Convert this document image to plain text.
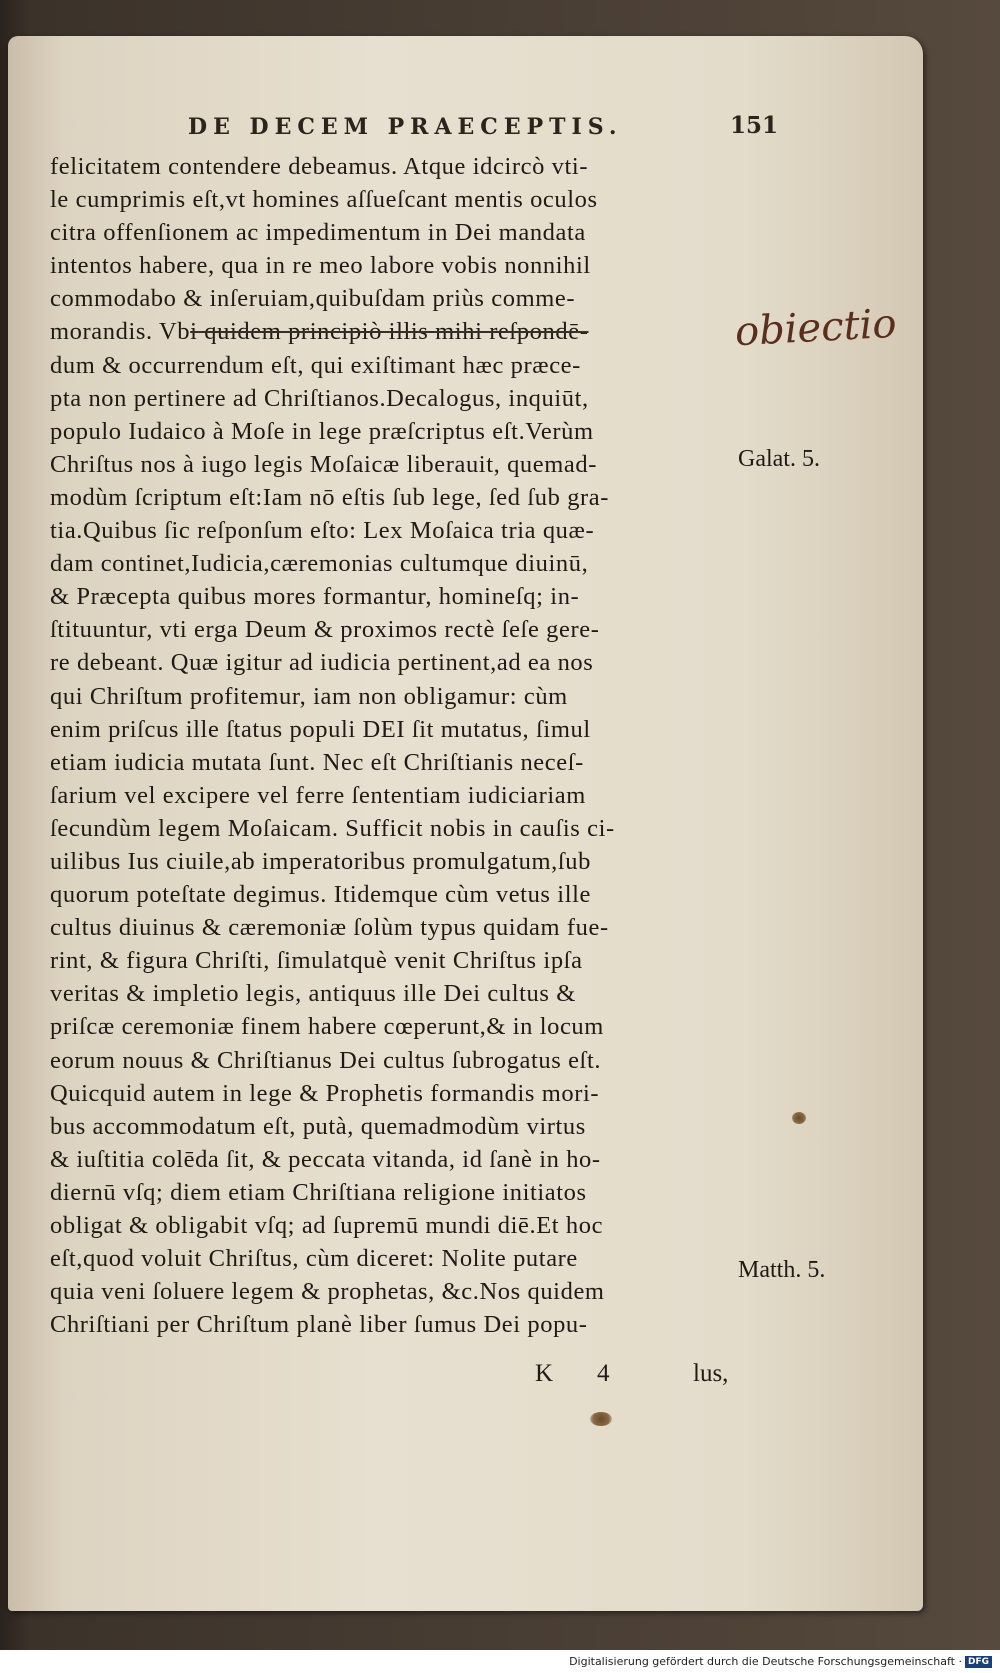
DE DECEM PRAECEPTIS.	151
felicitatem contendere debeamus. Atque idcircò vti-
le cumprimis eſt,vt homines aſſueſcant mentis oculos
citra offenſionem ac impedimentum in Dei mandata
intentos habere, qua in re meo labore vobis nonnihil
commodabo & inſeruiam,quibuſdam priùs comme-
morandis. Vbi quidem principiò illis mihi reſpondē-
dum & occurrendum eſt, qui exiſtimant hæc præce-
pta non pertinere ad Chriſtianos.Decalogus, inquiūt,
populo Iudaico à Moſe in lege præſcriptus eſt.Verùm
Chriſtus nos à iugo legis Moſaicæ liberauit, quemad-
modùm ſcriptum eſt:Iam nō eſtis ſub lege, ſed ſub gra-
tia.Quibus ſic reſponſum eſto: Lex Moſaica tria quæ-
dam continet,Iudicia,cæremonias cultumque diuinū,
& Præcepta quibus mores formantur, homineſq; in-
ſtituuntur, vti erga Deum & proximos rectè ſeſe gere-
re debeant. Quæ igitur ad iudicia pertinent,ad ea nos
qui Chriſtum profitemur, iam non obligamur: cùm
enim priſcus ille ſtatus populi DEI ſit mutatus, ſimul
etiam iudicia mutata ſunt. Nec eſt Chriſtianis neceſ-
ſarium vel excipere vel ferre ſententiam iudiciariam
ſecundùm legem Moſaicam. Sufficit nobis in cauſis ci-
uilibus Ius ciuile,ab imperatoribus promulgatum,ſub
quorum poteſtate degimus. Itidemque cùm vetus ille
cultus diuinus & cæremoniæ ſolùm typus quidam fue-
rint, & figura Chriſti, ſimulatquè venit Chriſtus ipſa
veritas & impletio legis, antiquus ille Dei cultus &
priſcæ ceremoniæ finem habere cœperunt,& in locum
eorum nouus & Chriſtianus Dei cultus ſubrogatus eſt.
Quicquid autem in lege & Prophetis formandis mori-
bus accommodatum eſt, putà, quemadmodùm virtus
& iuſtitia colēda ſit, & peccata vitanda, id ſanè in ho-
diernū vſq; diem etiam Chriſtiana religione initiatos
obligat & obligabit vſq; ad ſupremū mundi diē.Et hoc
eſt,quod voluit Chriſtus, cùm diceret: Nolite putare
quia veni ſoluere legem & prophetas, &c.Nos quidem
Chriſtiani per Chriſtum planè liber ſumus Dei popu-
obiectio
Galat. 5.
Matth. 5.
K 4	lus,
Digitalisierung gefördert durch die Deutsche Forschungsgemeinschaft · DFG
